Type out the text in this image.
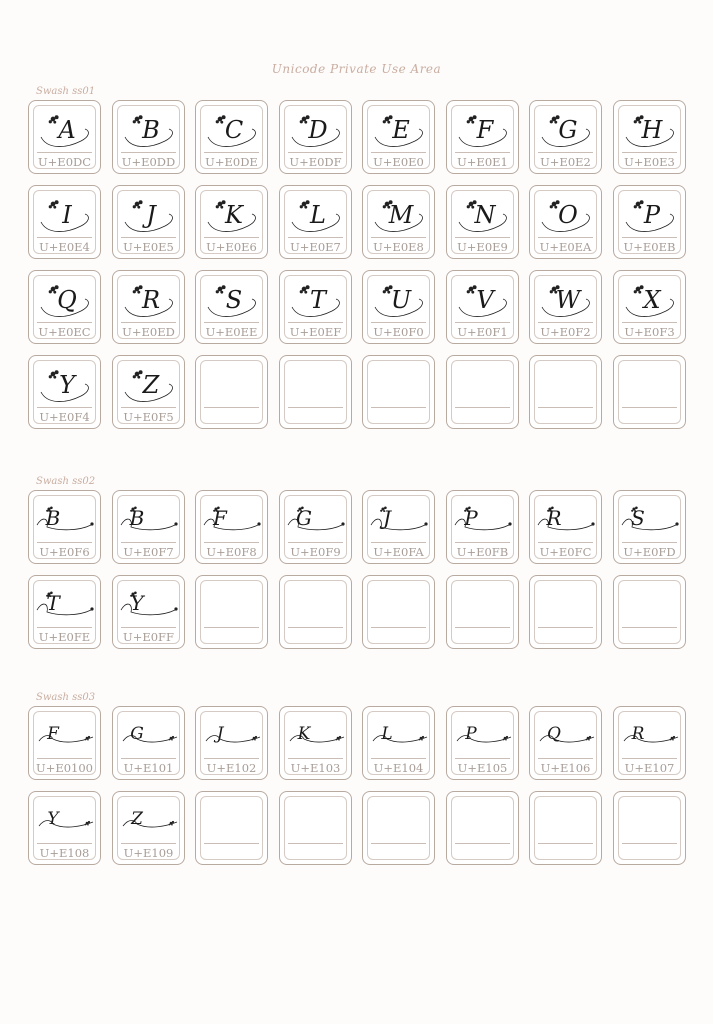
Unicode Private Use Area
Swash ss01
A
U+E0DC
B
U+E0DD
C
U+E0DE
D
U+E0DF
E
U+E0E0
F
U+E0E1
G
U+E0E2
H
U+E0E3
I
U+E0E4
J
U+E0E5
K
U+E0E6
L
U+E0E7
M
U+E0E8
N
U+E0E9
O
U+E0EA
P
U+E0EB
Q
U+E0EC
R
U+E0ED
S
U+E0EE
T
U+E0EF
U
U+E0F0
V
U+E0F1
W
U+E0F2
X
U+E0F3
Y
U+E0F4
Z
U+E0F5
Swash ss02
B
U+E0F6
B
U+E0F7
F
U+E0F8
G
U+E0F9
J
U+E0FA
P
U+E0FB
R
U+E0FC
S
U+E0FD
T
U+E0FE
Y
U+E0FF
Swash ss03
F
U+E0100
G
U+E101
J
U+E102
K
U+E103
L
U+E104
P
U+E105
Q
U+E106
R
U+E107
Y
U+E108
Z
U+E109
